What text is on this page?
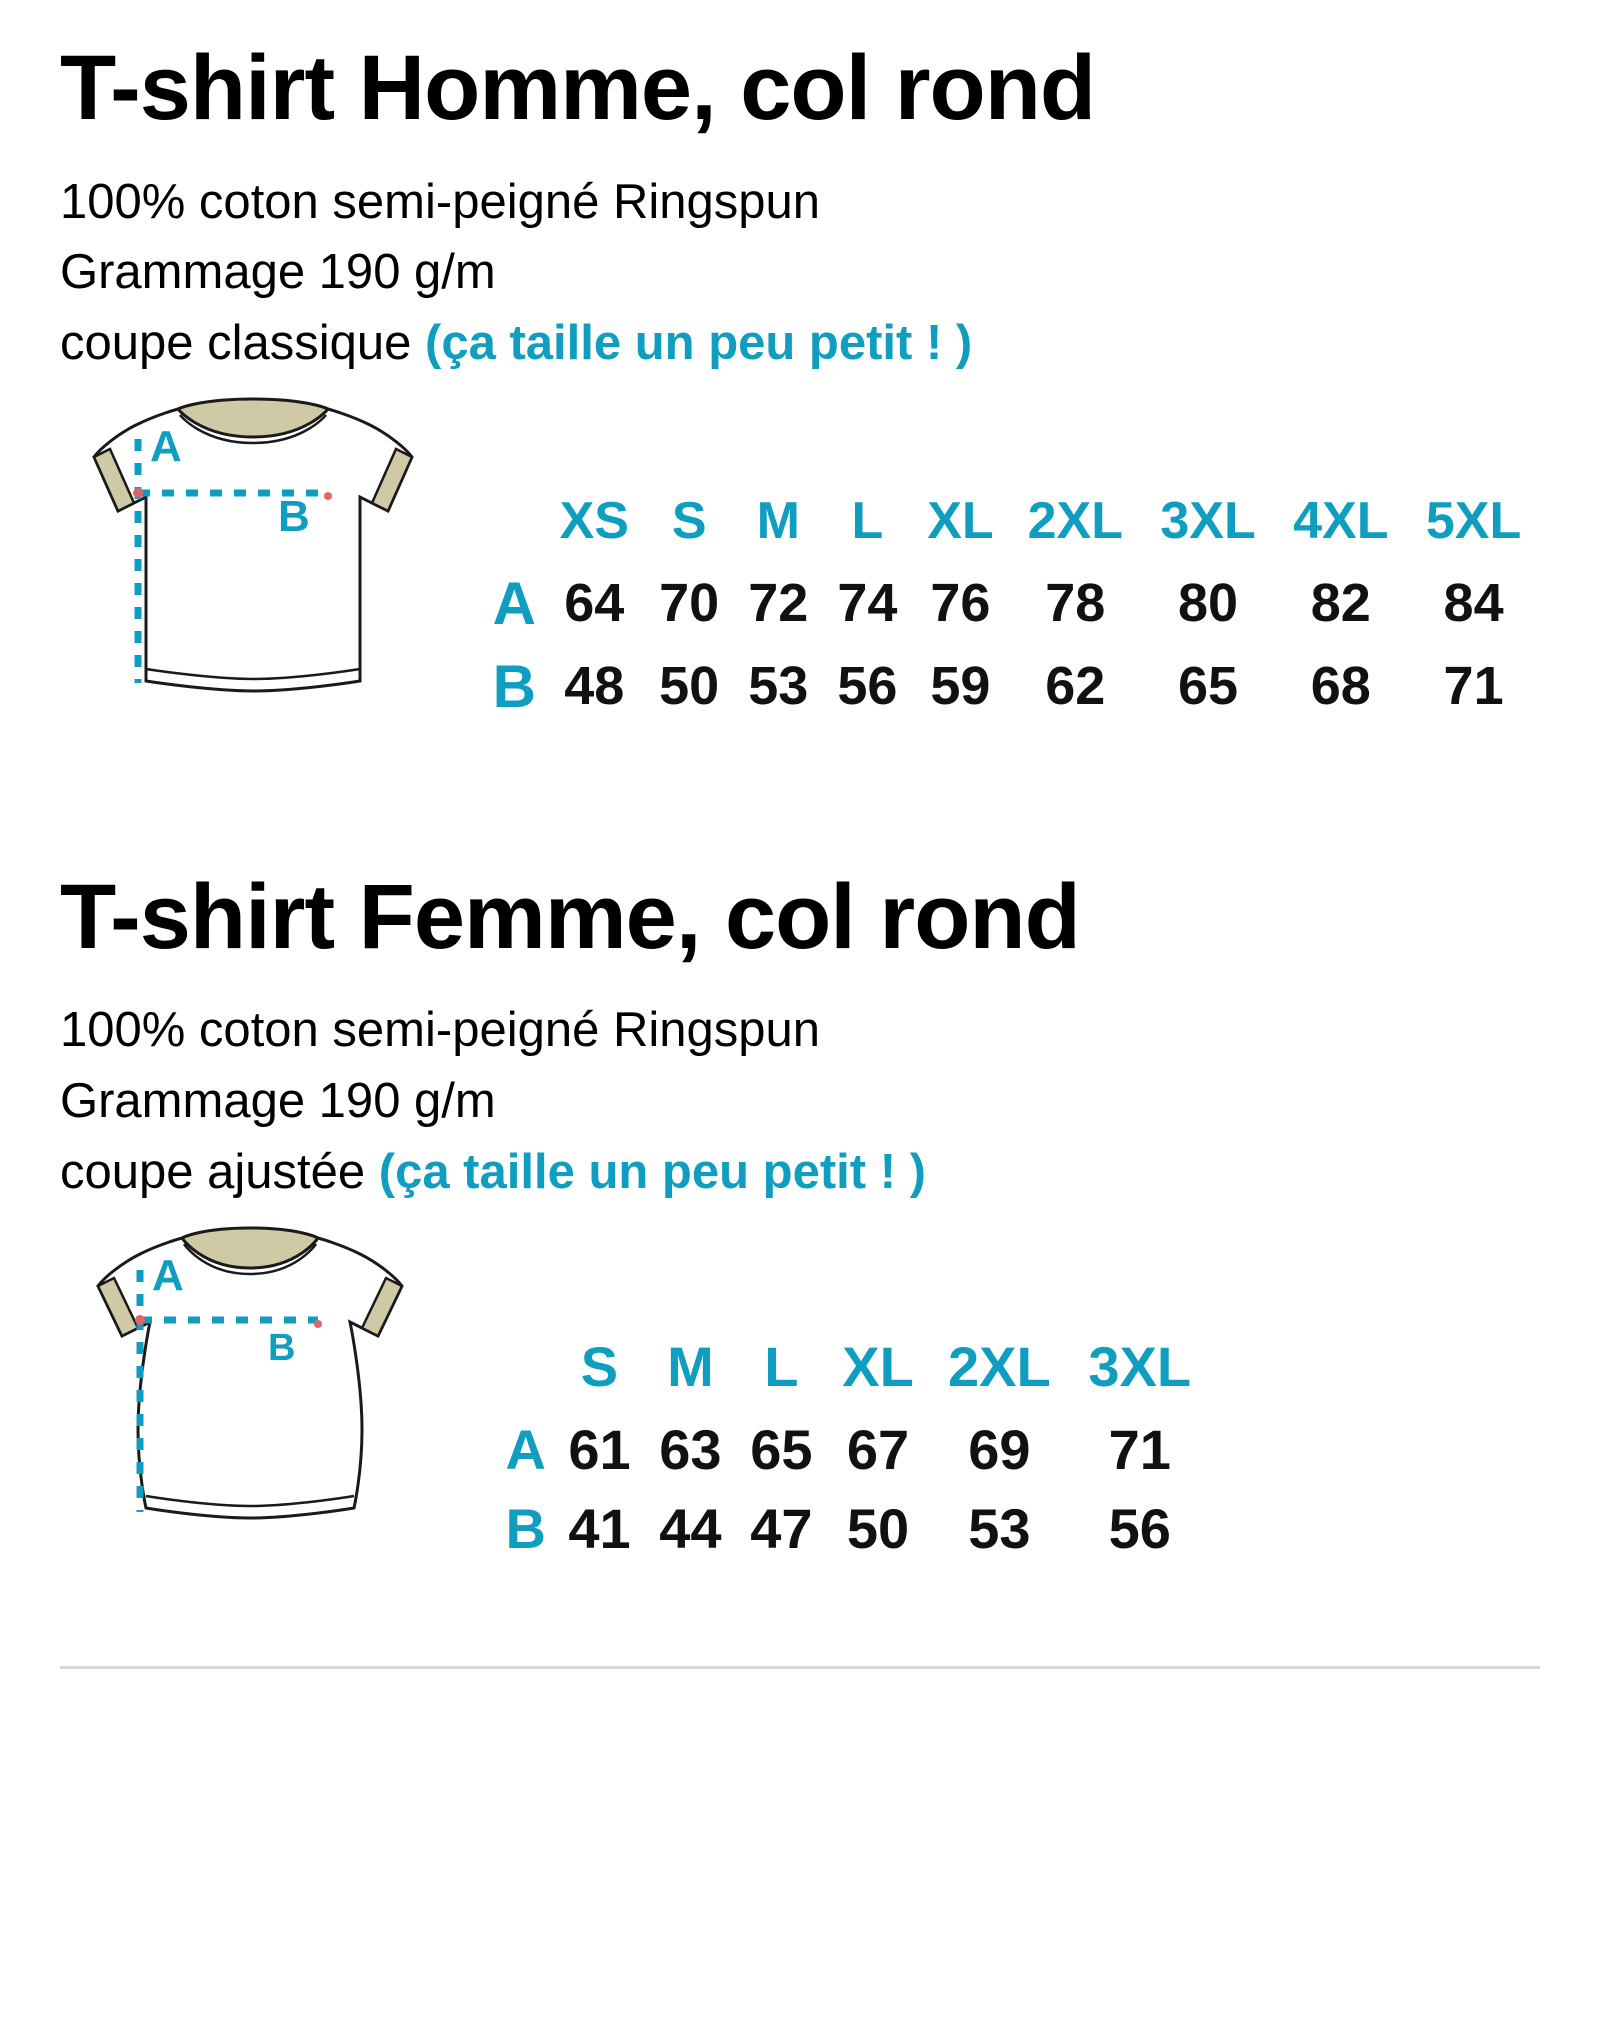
T-shirt Homme, col rond

100% coton semi-peigné Ringspun

Grammage 190 g/m

coupe classique (ça taille un peu petit ! )

A
B
		XS	S	M	L	XL	2XL	3XL	4XL	5XL
A	64	70	72	74	76	78	80	82	84
B	48	50	53	56	59	62	65	68	71
T-shirt Femme, col rond

100% coton semi-peigné Ringspun

Grammage 190 g/m

coupe ajustée (ça taille un peu petit ! )

A
B
		S	M	L	XL	2XL	3XL
A	61	63	65	67	69	71
B	41	44	47	50	53	56
